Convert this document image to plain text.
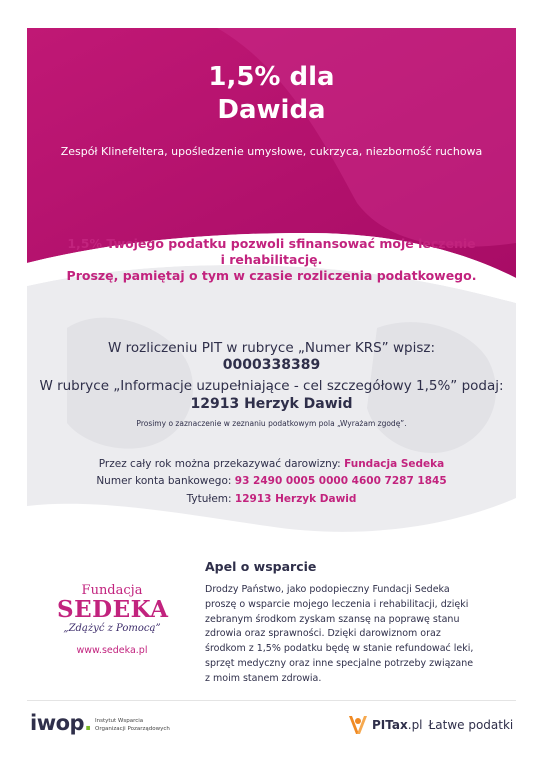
1,5% dla
Dawida
Zespół Klinefeltera, upośledzenie umysłowe, cukrzyca, niezborność ruchowa
1,5% Twojego podatku pozwoli sfinansować moje leczenie
i rehabilitację.
Proszę, pamiętaj o tym w czasie rozliczenia podatkowego.
W rozliczeniu PIT w rubryce „Numer KRS” wpisz:
0000338389
W rubryce „Informacje uzupełniające - cel szczegółowy 1,5%” podaj:
12913 Herzyk Dawid
Prosimy o zaznaczenie w zeznaniu podatkowym pola „Wyrażam zgodę”.
Przez cały rok można przekazywać darowizny: Fundacja Sedeka
Numer konta bankowego: 93 2490 0005 0000 4600 7287 1845
Tytułem: 12913 Herzyk Dawid
Fundacja
SEDEKA
„Zdążyć z Pomocą”
www.sedeka.pl
Apel o wsparcie
Drodzy Państwo, jako podopieczny Fundacji Sedeka
proszę o wsparcie mojego leczenia i rehabilitacji, dzięki
zebranym środkom zyskam szansę na poprawę stanu
zdrowia oraz sprawności. Dzięki darowiznom oraz
środkom z 1,5% podatku będę w stanie refundować leki,
sprzęt medyczny oraz inne specjalne potrzeby związane
z moim stanem zdrowia.
iwop. Instytut Wsparcia
Organizacji Pozarządowych	PITax.pl Łatwe podatki
